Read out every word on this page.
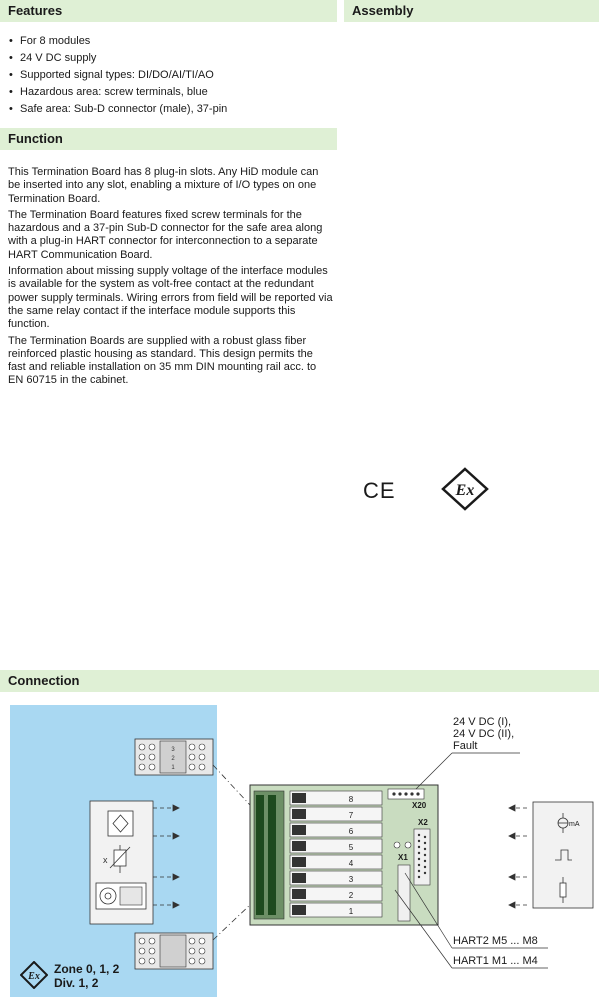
Features	Assembly
• For 8 modules
• 24 V DC supply
• Supported signal types: DI/DO/AI/TI/AO
• Hazardous area: screw terminals, blue
• Safe area: Sub-D connector (male), 37-pin
Function

This Termination Board has 8 plug-in slots. Any HiD module can be inserted into any slot, enabling a mixture of I/O types on one Termination Board.

The Termination Board features fixed screw terminals for the hazardous and a 37-pin Sub-D connector for the safe area along with a plug-in HART connector for interconnection to a separate HART Communication Board.

Information about missing supply voltage of the interface modules is available for the system as volt-free contact at the redundant power supply terminals. Wiring errors from field will be reported via the same relay contact if the interface module supports this function.

The Termination Boards are supplied with a robust glass fiber reinforced plastic housing as standard. This design permits the fast and reliable installation on 35 mm DIN mounting rail acc. to EN 60715 in the cabinet.

CE	Ex
Connection
Ex
Zone 0, 1, 2
Div. 1, 2
3
2
1
x
8
7
6
5
4
3
2
1
X20
X2
X1
mA
24 V DC (I),
24 V DC (II),
Fault
HART2 M5 ... M8
HART1 M1 ... M4
